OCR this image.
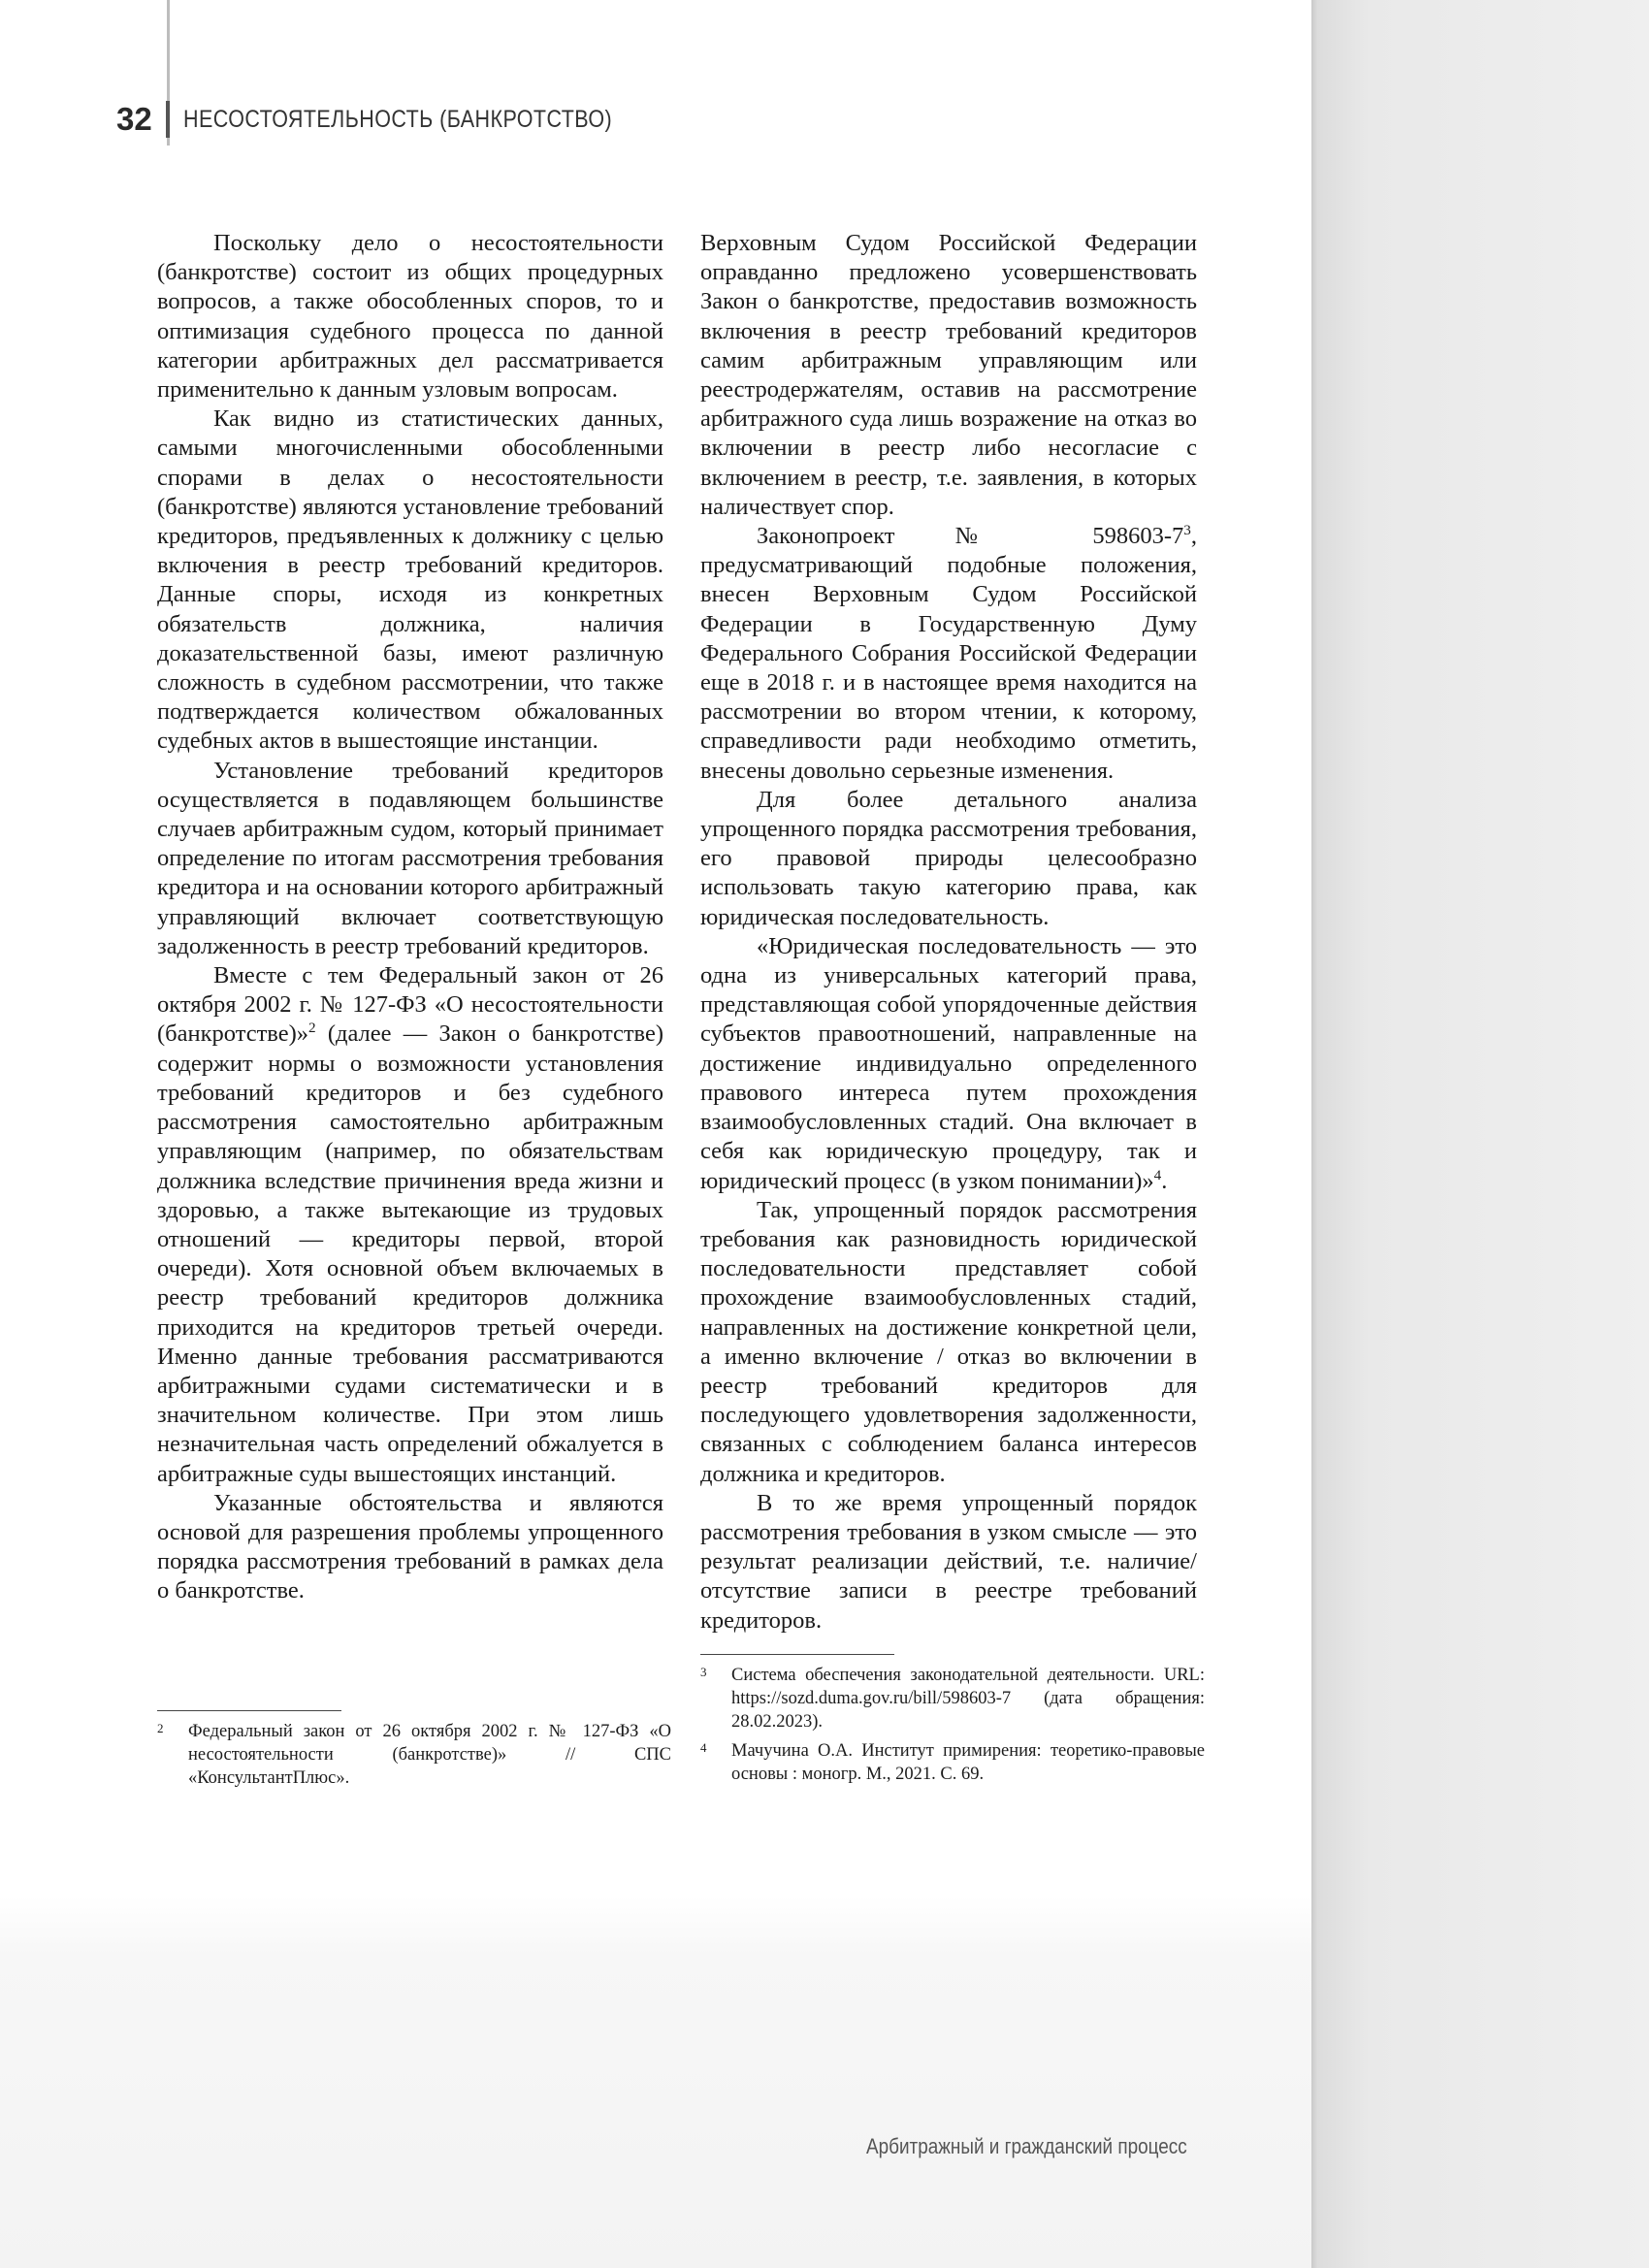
32 НЕСОСТОЯТЕЛЬНОСТЬ (БАНКРОТСТВО)

Поскольку дело о несостоятельности (банкротстве) состоит из общих процедурных вопросов, а также обособленных споров, то и оптимизация судебного процесса по данной категории арбитражных дел рассматривается применительно к данным узловым вопросам.

Как видно из статистических данных, самыми многочисленными обособленными спорами в делах о несостоятельности (банкротстве) являются установление требований кредиторов, предъявленных к должнику с целью включения в реестр требований кредиторов. Данные споры, исходя из конкретных обязательств должника, наличия доказательственной базы, имеют различную сложность в судебном рассмотрении, что также подтверждается количеством обжалованных судебных актов в вышестоящие инстанции.

Установление требований кредиторов осуществляется в подавляющем большинстве случаев арбитражным судом, который принимает определение по итогам рассмотрения требования кредитора и на основании которого арбитражный управляющий включает соответствующую задолженность в реестр требований кредиторов.

Вместе с тем Федеральный закон от 26 октября 2002 г. № 127-ФЗ «О несостоятельности (банкротстве)»$^2$ (далее — Закон о банкротстве) содержит нормы о возможности установления требований кредиторов и без судебного рассмотрения самостоятельно арбитражным управляющим (например, по обязательствам должника вследствие причинения вреда жизни и здоровью, а также вытекающие из трудовых отношений — кредиторы первой, второй очереди). Хотя основной объем включаемых в реестр требований кредиторов должника приходится на кредиторов третьей очереди. Именно данные требования рассматриваются арбитражными судами систематически и в значительном количестве. При этом лишь незначительная часть определений обжалуется в арбитражные суды вышестоящих инстанций.

Указанные обстоятельства и являются основой для разрешения проблемы упрощенного порядка рассмотрения требований в рамках дела о банкротстве.

Верховным Судом Российской Федерации оправданно предложено усовершенствовать Закон о банкротстве, предоставив возможность включения в реестр требований кредиторов самим арбитражным управляющим или реестродержателям, оставив на рассмотрение арбитражного суда лишь возражение на отказ во включении в реестр либо несогласие с включением в реестр, т.е. заявления, в которых наличествует спор.

Законопроект № $598603-7^3$, предусматривающий подобные положения, внесен Верховным Судом Российской Федерации в Государственную Думу Федерального Собрания Российской Федерации еще в 2018 г. и в настоящее время находится на рассмотрении во втором чтении, к которому, справедливости ради необходимо отметить, внесены довольно серьезные изменения.

Для более детального анализа упрощенного порядка рассмотрения требования, его правовой природы целесообразно использовать такую категорию права, как юридическая последовательность.

«Юридическая последовательность — это одна из универсальных категорий права, представляющая собой упорядоченные действия субъектов правоотношений, направленные на достижение индивидуально определенного правового интереса путем прохождения взаимообусловленных стадий. Она включает в себя как юридическую процедуру, так и юридический процесс (в узком понимании)»$^4$.

Так, упрощенный порядок рассмотрения требования как разновидность юридической последовательности представляет собой прохождение взаимообусловленных стадий, направленных на достижение конкретной цели, а именно включение / отказ во включении в реестр требований кредиторов для последующего удовлетворения задолженности, связанных с соблюдением баланса интересов должника и кредиторов.

В то же время упрощенный порядок рассмотрения требования в узком смысле — это результат реализации действий, т.е. наличие/отсутствие записи в реестре требований кредиторов.

2	Федеральный закон от 26 октября 2002 г. № 127-ФЗ «О несостоятельности (банкротстве)» // СПС «КонсультантПлюс».
3	Система обеспечения законодательной деятельности. URL: https://sozd.duma.gov.ru/bill/598603-7 (дата обращения: 28.02.2023).
4	Мачучина О.А. Институт примирения: теоретико-правовые основы : моногр. М., 2021. С. 69.
Арбитражный и гражданский процесс
